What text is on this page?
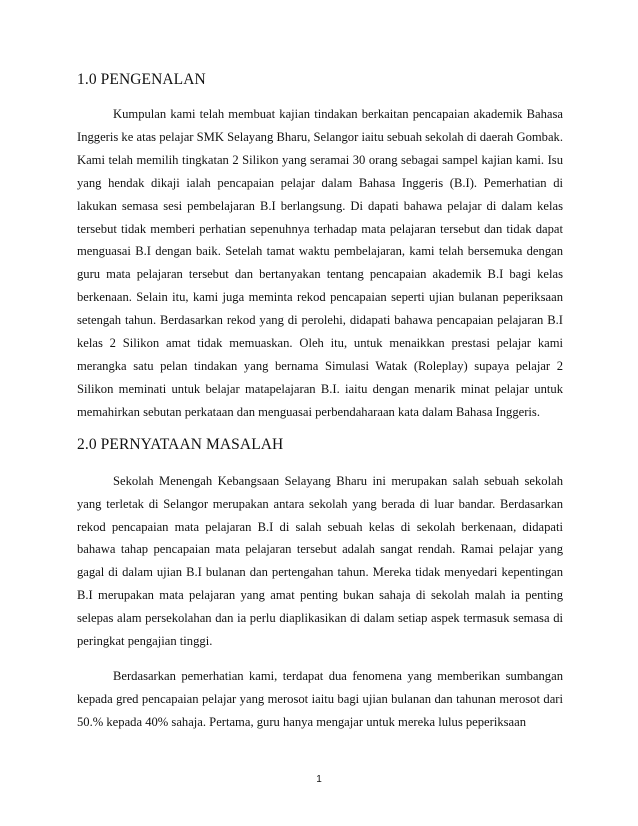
1.0 PENGENALAN

Kumpulan kami telah membuat kajian tindakan berkaitan pencapaian akademik Bahasa Inggeris ke atas pelajar SMK Selayang Bharu, Selangor iaitu sebuah sekolah di daerah Gombak. Kami telah memilih tingkatan 2 Silikon yang seramai 30 orang sebagai sampel kajian kami. Isu yang hendak dikaji ialah pencapaian pelajar dalam Bahasa Inggeris (B.I). Pemerhatian di lakukan semasa sesi pembelajaran B.I berlangsung. Di dapati bahawa pelajar di dalam kelas tersebut tidak memberi perhatian sepenuhnya terhadap mata pelajaran tersebut dan tidak dapat menguasai B.I dengan baik. Setelah tamat waktu pembelajaran, kami telah bersemuka dengan guru mata pelajaran tersebut dan bertanyakan tentang pencapaian akademik B.I bagi kelas berkenaan. Selain itu, kami juga meminta rekod pencapaian seperti ujian bulanan peperiksaan setengah tahun. Berdasarkan rekod yang di perolehi, didapati bahawa pencapaian pelajaran B.I kelas 2 Silikon amat tidak memuaskan. Oleh itu, untuk menaikkan prestasi pelajar kami merangka satu pelan tindakan yang bernama Simulasi Watak (Roleplay) supaya pelajar 2 Silikon meminati untuk belajar matapelajaran B.I. iaitu dengan menarik minat pelajar untuk memahirkan sebutan perkataan dan menguasai perbendaharaan kata dalam Bahasa Inggeris.

2.0 PERNYATAAN MASALAH

Sekolah Menengah Kebangsaan Selayang Bharu ini merupakan salah sebuah sekolah yang terletak di Selangor merupakan antara sekolah yang berada di luar bandar. Berdasarkan rekod pencapaian mata pelajaran B.I di salah sebuah kelas di sekolah berkenaan, didapati bahawa tahap pencapaian mata pelajaran tersebut adalah sangat rendah. Ramai pelajar yang gagal di dalam ujian B.I bulanan dan pertengahan tahun. Mereka tidak menyedari kepentingan B.I merupakan mata pelajaran yang amat penting bukan sahaja di sekolah malah ia penting selepas alam persekolahan dan ia perlu diaplikasikan di dalam setiap aspek termasuk semasa di peringkat pengajian tinggi.

Berdasarkan pemerhatian kami, terdapat dua fenomena yang memberikan sumbangan kepada gred pencapaian pelajar yang merosot iaitu bagi ujian bulanan dan tahunan merosot dari 50.% kepada 40% sahaja. Pertama, guru hanya mengajar untuk mereka lulus peperiksaan

1
